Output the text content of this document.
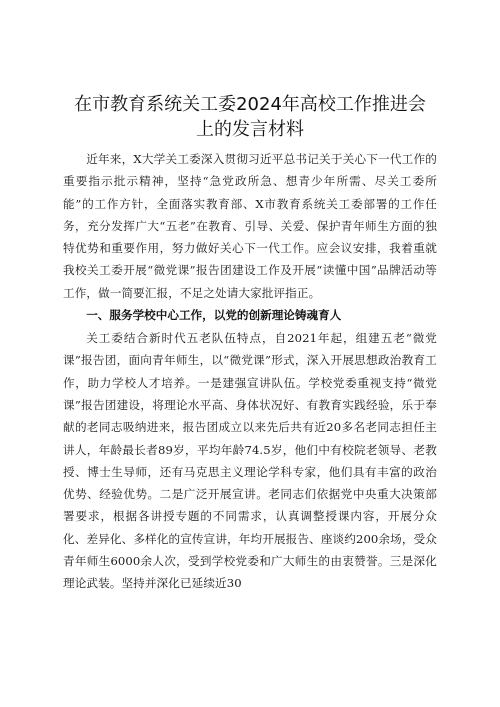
在市教育系统关工委2024年高校工作推进会
上的发言材料

近年来，X大学关工委深入贯彻习近平总书记关于关心下一代工作的重要指示批示精神，坚持“急党政所急、想青少年所需、尽关工委所能”的工作方针，全面落实教育部、X市教育系统关工委部署的工作任务，充分发挥广大“五老”在教育、引导、关爱、保护青年师生方面的独特优势和重要作用，努力做好关心下一代工作。应会议安排，我着重就我校关工委开展“微党课”报告团建设工作及开展“读懂中国”品牌活动等工作，做一简要汇报，不足之处请大家批评指正。

一、服务学校中心工作，以党的创新理论铸魂育人

关工委结合新时代五老队伍特点，自2021年起，组建五老“微党课”报告团，面向青年师生，以“微党课”形式，深入开展思想政治教育工作，助力学校人才培养。一是建强宣讲队伍。学校党委重视支持“微党课”报告团建设，将理论水平高、身体状况好、有教育实践经验，乐于奉献的老同志吸纳进来，报告团成立以来先后共有近20多名老同志担任主讲人，年龄最长者89岁，平均年龄74.5岁，他们中有校院老领导、老教授、博士生导师，还有马克思主义理论学科专家，他们具有丰富的政治优势、经验优势。二是广泛开展宣讲。老同志们依据党中央重大决策部署要求，根据各讲授专题的不同需求，认真调整授课内容，开展分众化、差异化、多样化的宣传宣讲，年均开展报告、座谈约200余场，受众青年师生6000余人次，受到学校党委和广大师生的由衷赞誉。三是深化理论武装。坚持并深化已延续近30
